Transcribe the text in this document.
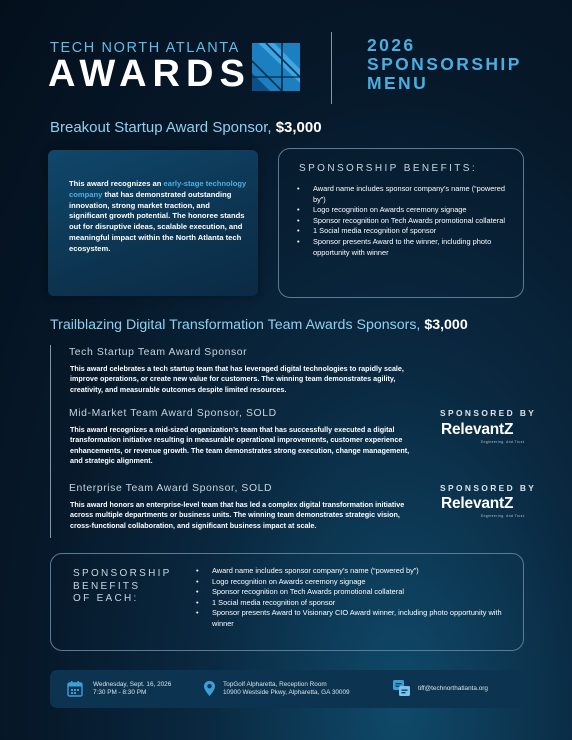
TECH NORTH ATLANTA
AWARDS
2026
SPONSORSHIP
MENU
Breakout Startup Award Sponsor, $3,000
This award recognizes an early-stage technology company that has demonstrated outstanding innovation, strong market traction, and significant growth potential. The honoree stands out for disruptive ideas, scalable execution, and meaningful impact within the North Atlanta tech ecosystem.
SPONSORSHIP BENEFITS:
• Award name includes sponsor company’s name (“powered by”)
• Logo recognition on Awards ceremony signage
• Sponsor recognition on Tech Awards promotional collateral
• 1 Social media recognition of sponsor
• Sponsor presents Award to the winner, including photo opportunity with winner
Trailblazing Digital Transformation Team Awards Sponsors, $3,000
Tech Startup Team Award Sponsor
This award celebrates a tech startup team that has leveraged digital technologies to rapidly scale, improve operations, or create new value for customers. The winning team demonstrates agility, creativity, and measurable outcomes despite limited resources.
Mid-Market Team Award Sponsor, SOLD
This award recognizes a mid-sized organization’s team that has successfully executed a digital transformation initiative resulting in measurable operational improvements, customer experience enhancements, or revenue growth. The team demonstrates strong execution, change management, and strategic alignment.
Enterprise Team Award Sponsor, SOLD
This award honors an enterprise-level team that has led a complex digital transformation initiative across multiple departments or business units. The winning team demonstrates strategic vision, cross-functional collaboration, and significant business impact at scale.
SPONSORED BY
RelevantZ
Engineering. And Trust.
SPONSORED BY
RelevantZ
Engineering. And Trust.
SPONSORSHIP
BENEFITS
OF EACH:
• Award name includes sponsor company’s name (“powered by”)
• Logo recognition on Awards ceremony signage
• Sponsor recognition on Tech Awards promotional collateral
• 1 Social media recognition of sponsor
• Sponsor presents Award to Visionary CIO Award winner, including photo opportunity with winner
Wednesday, Sept. 16, 2026
7:30 PM - 8:30 PM
TopGolf Alpharetta, Reception Room
10900 Westside Pkwy, Alpharetta, GA 30009
tiff@technorthatlanta.org
